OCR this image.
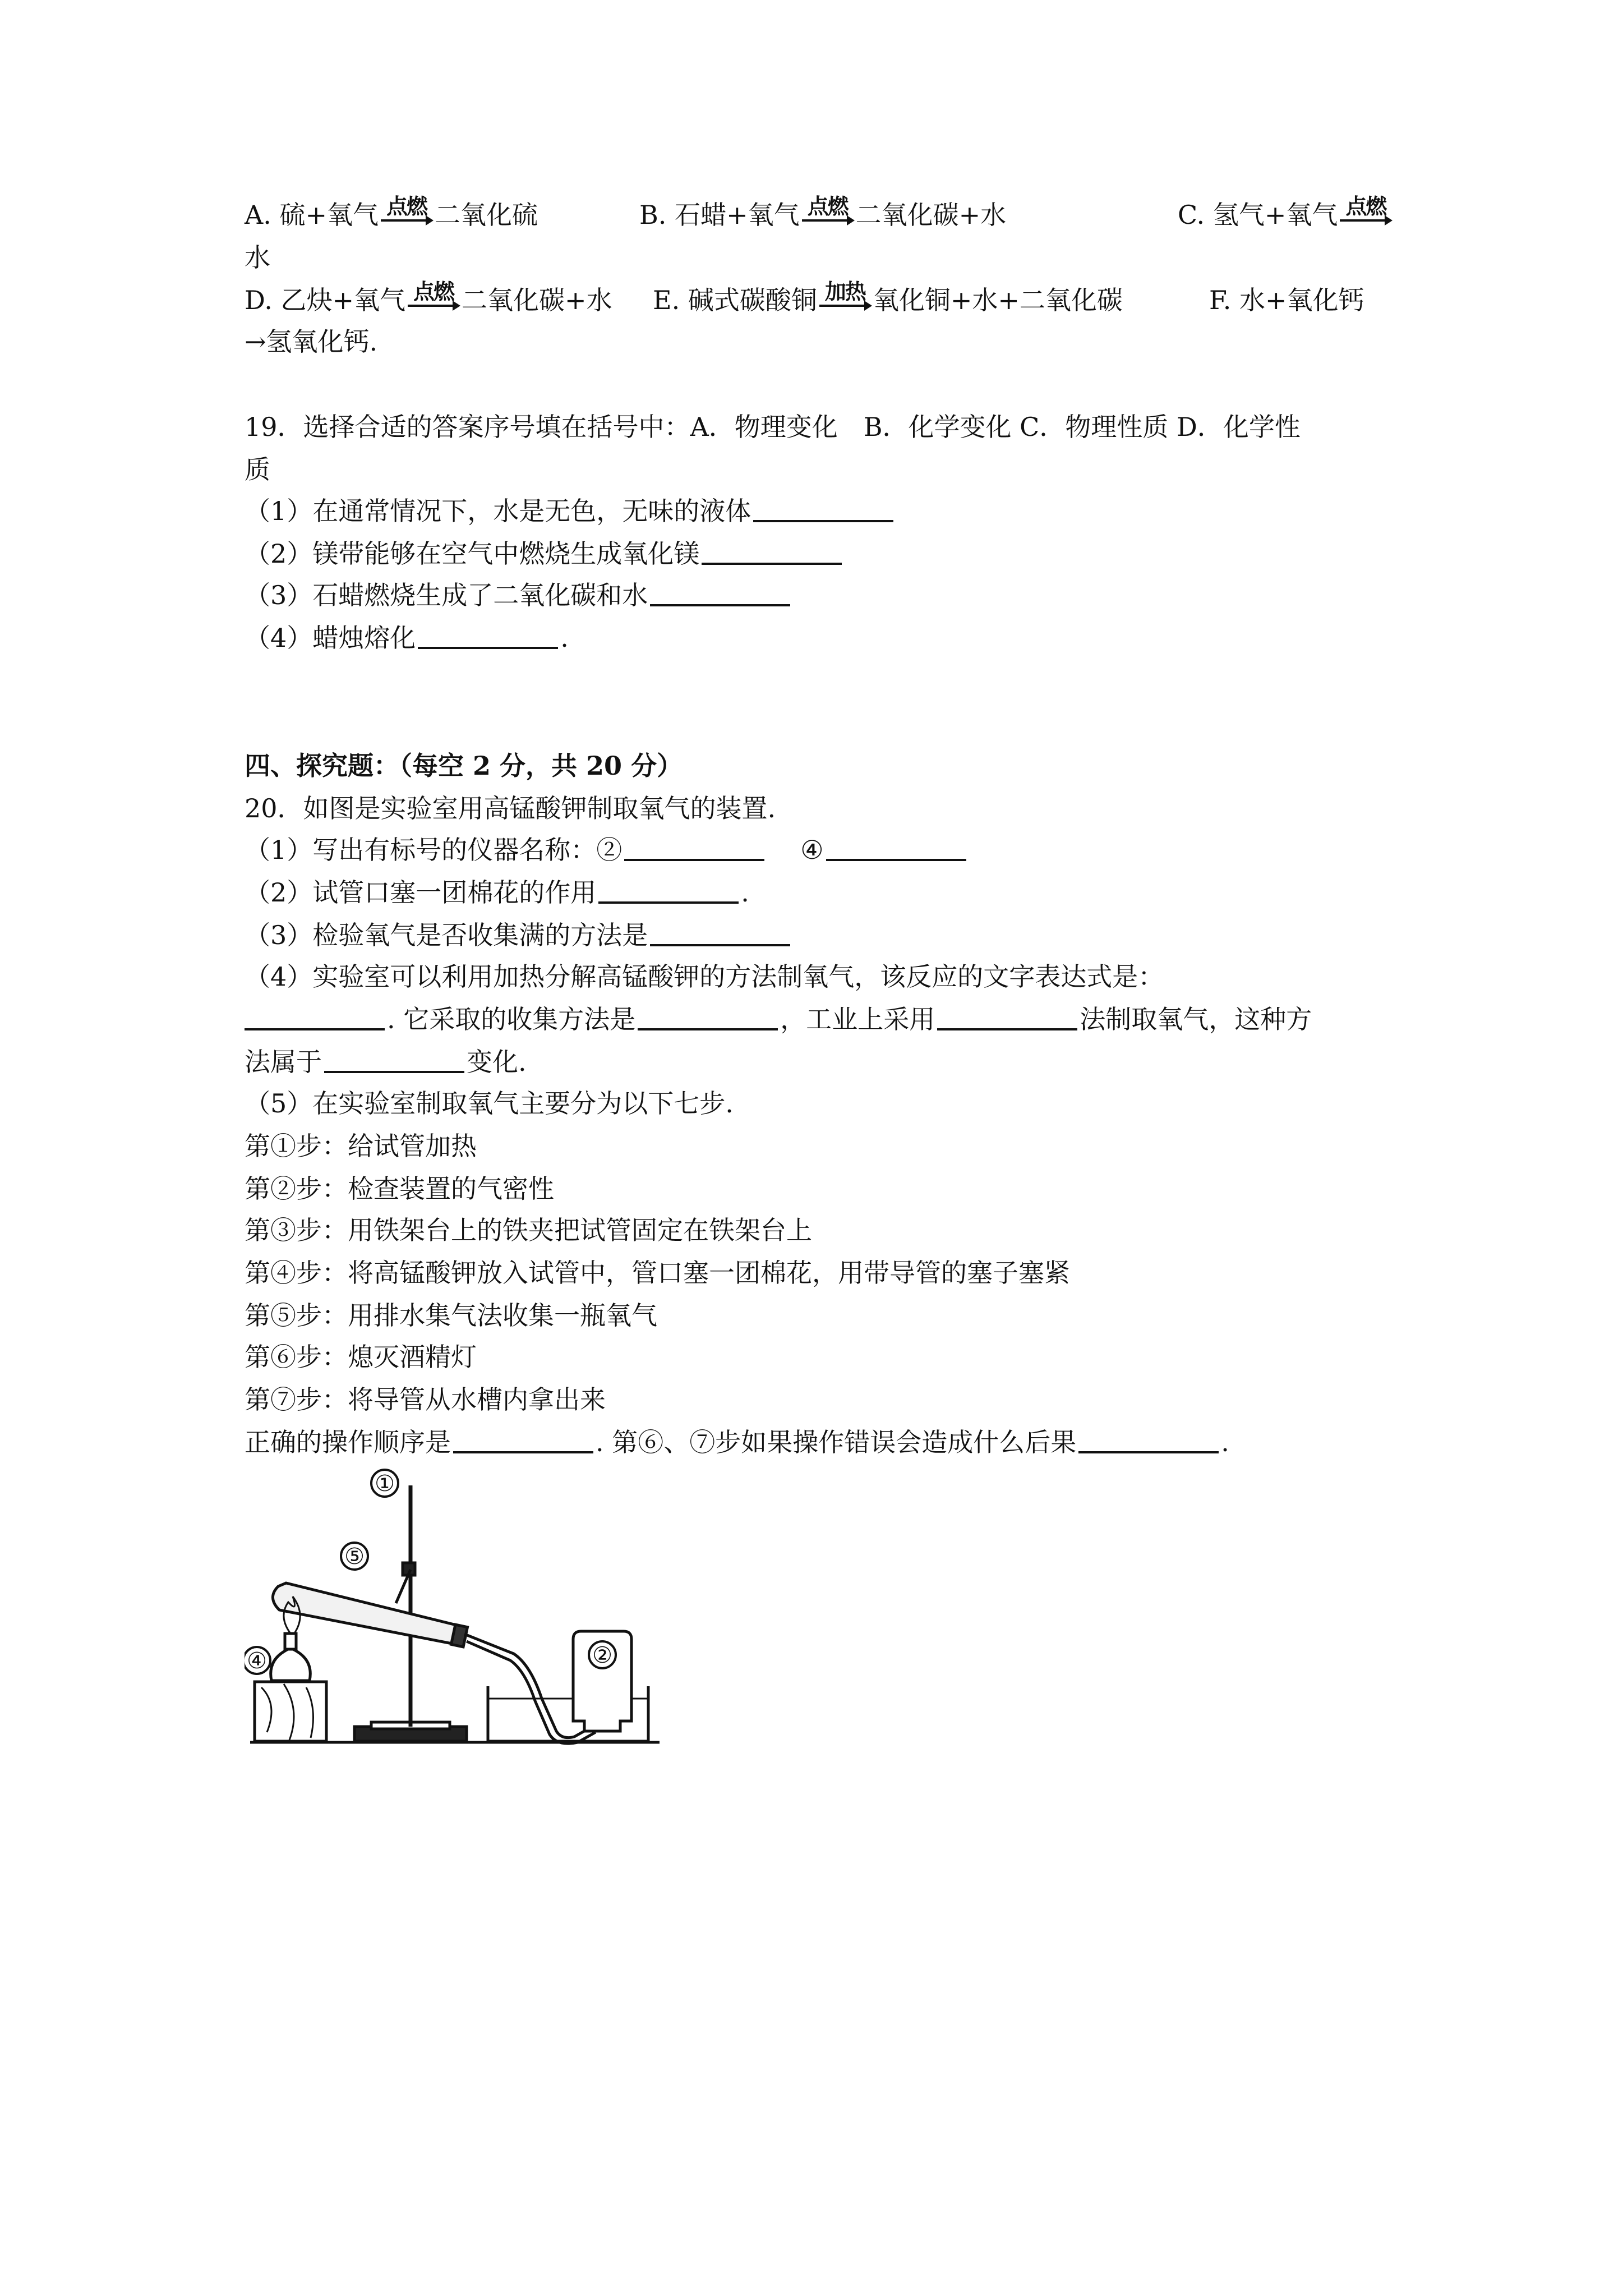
A. 硫+氧气 点燃 二氧化硫	B. 石蜡+氧气 点燃 二氧化碳+水	C. 氢气+氧气 点燃
水
D. 乙炔+氧气 点燃 二氧化碳+水 E. 碱式碳酸铜 加热 氧化铜+水+二氧化碳	F. 水+氧化钙
→氢氧化钙.
19．选择合适的答案序号填在括号中：A．物理变化　B．化学变化 C．物理性质 D．化学性
质
（1）在通常情况下，水是无色，无味的液体
（2）镁带能够在空气中燃烧生成氧化镁
（3）石蜡燃烧生成了二氧化碳和水
（4）蜡烛熔化	.
四、探究题：（每空 2 分，共 20 分）
20．如图是实验室用高锰酸钾制取氧气的装置.
（1）写出有标号的仪器名称：②	④
（2）试管口塞一团棉花的作用	.
（3）检验氧气是否收集满的方法是
（4）实验室可以利用加热分解高锰酸钾的方法制氧气，该反应的文字表达式是：
. 它采取的收集方法是	，工业上采用	法制取氧气，这种方
法属于	变化.
（5）在实验室制取氧气主要分为以下七步.
第①步：给试管加热
第②步：检查装置的气密性
第③步：用铁架台上的铁夹把试管固定在铁架台上
第④步：将高锰酸钾放入试管中，管口塞一团棉花，用带导管的塞子塞紧
第⑤步：用排水集气法收集一瓶氧气
第⑥步：熄灭酒精灯
第⑦步：将导管从水槽内拿出来
正确的操作顺序是	. 第⑥、⑦步如果操作错误会造成什么后果	.
①
⑤
④	②
